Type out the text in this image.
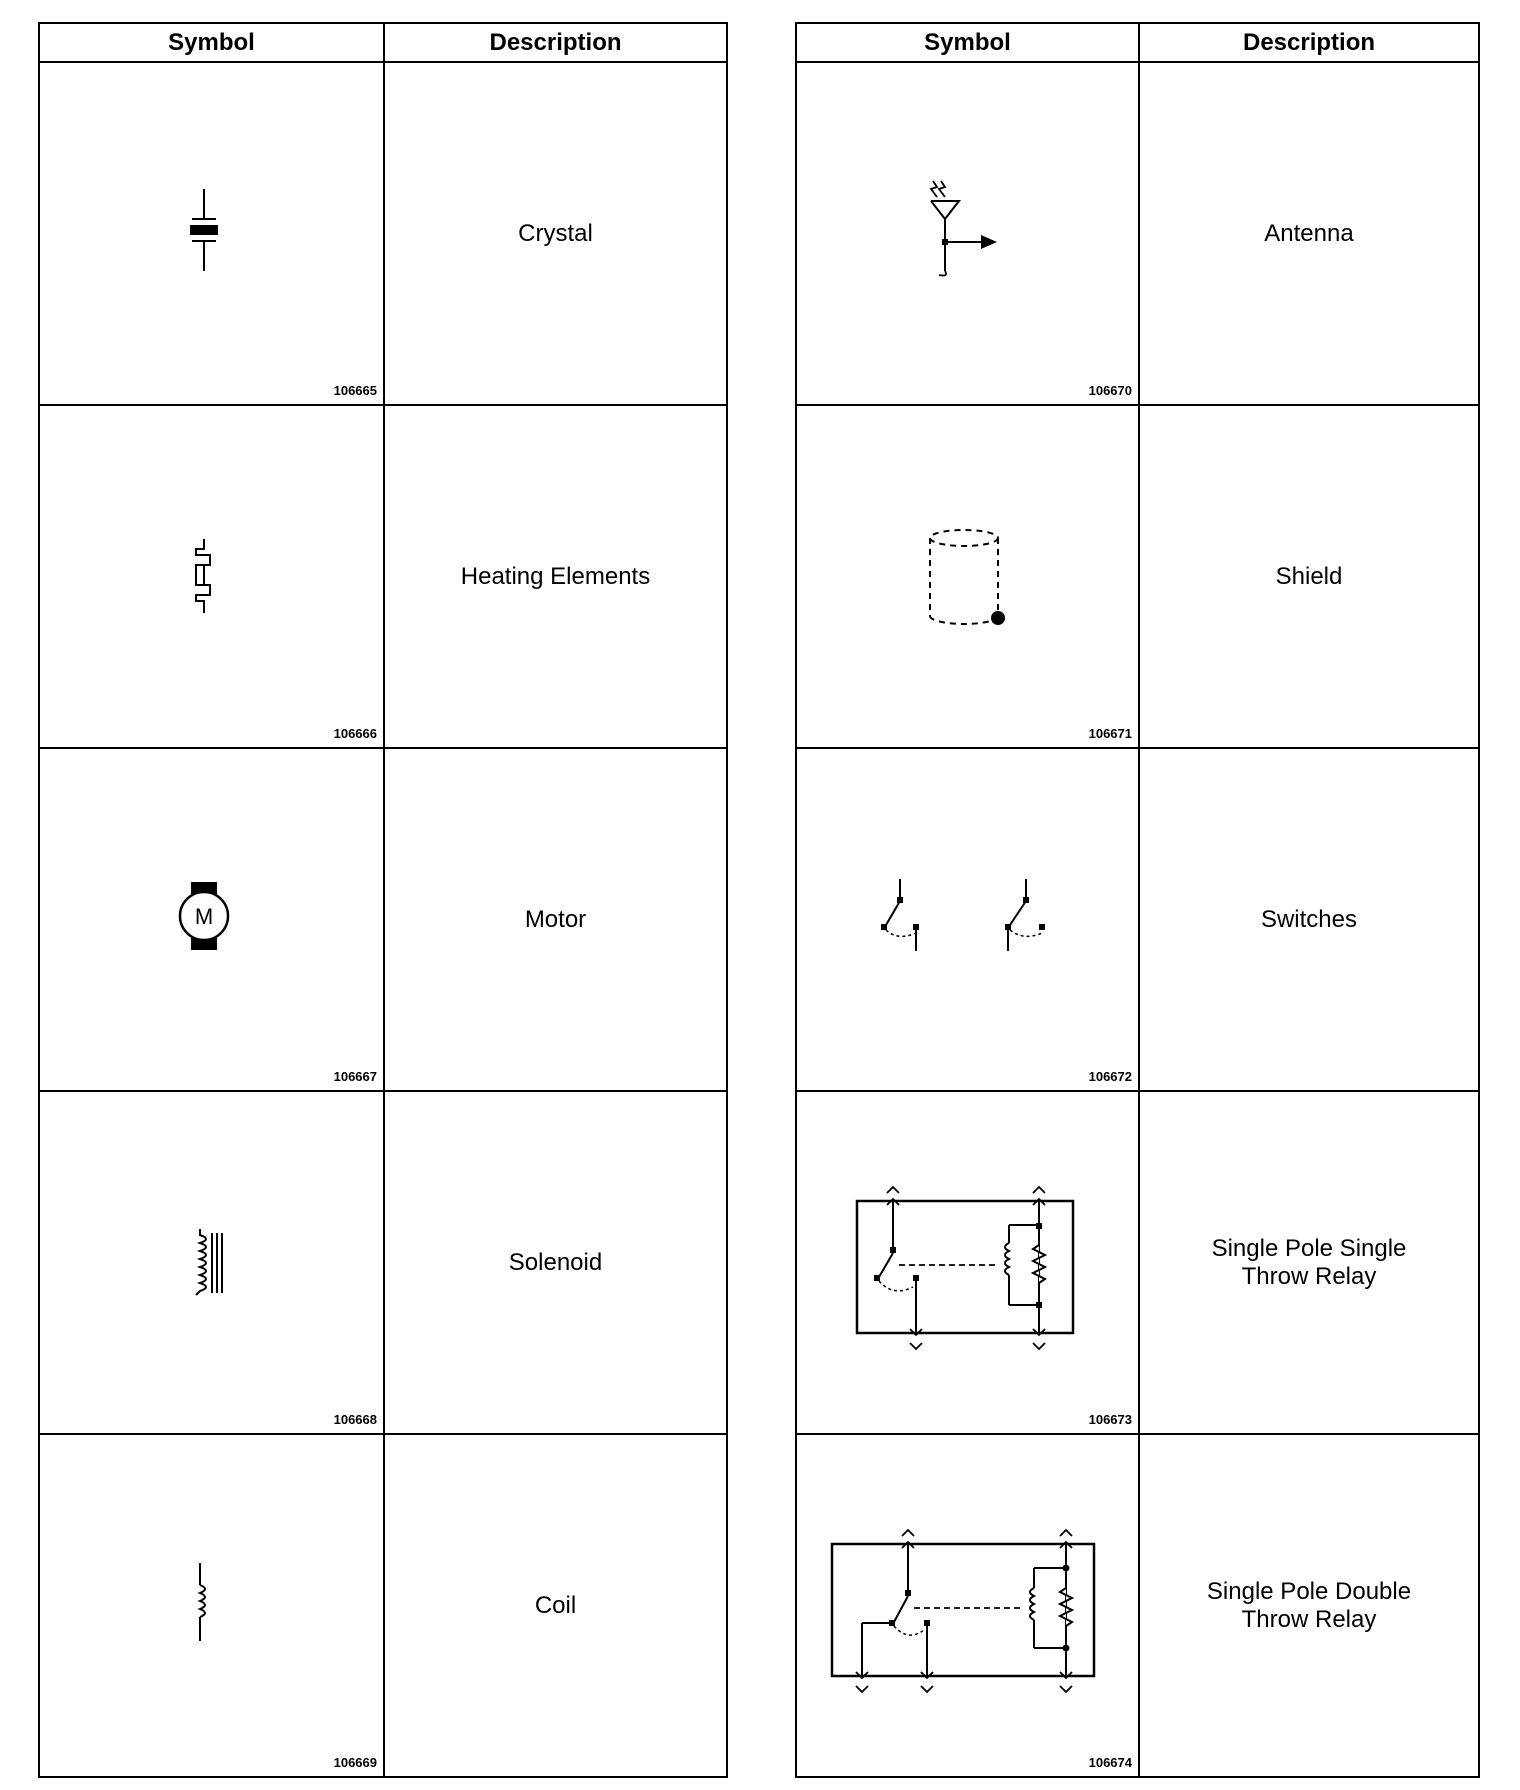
Symbol	Description

106665	Crystal

106666	Heating Elements

M
106667	Motor

106668	Solenoid

106669	Coil
Symbol	Description

106670	Antenna

106671	Shield

106672	Switches

106673	Single Pole Single
Throw Relay

106674	Single Pole Double
Throw Relay
